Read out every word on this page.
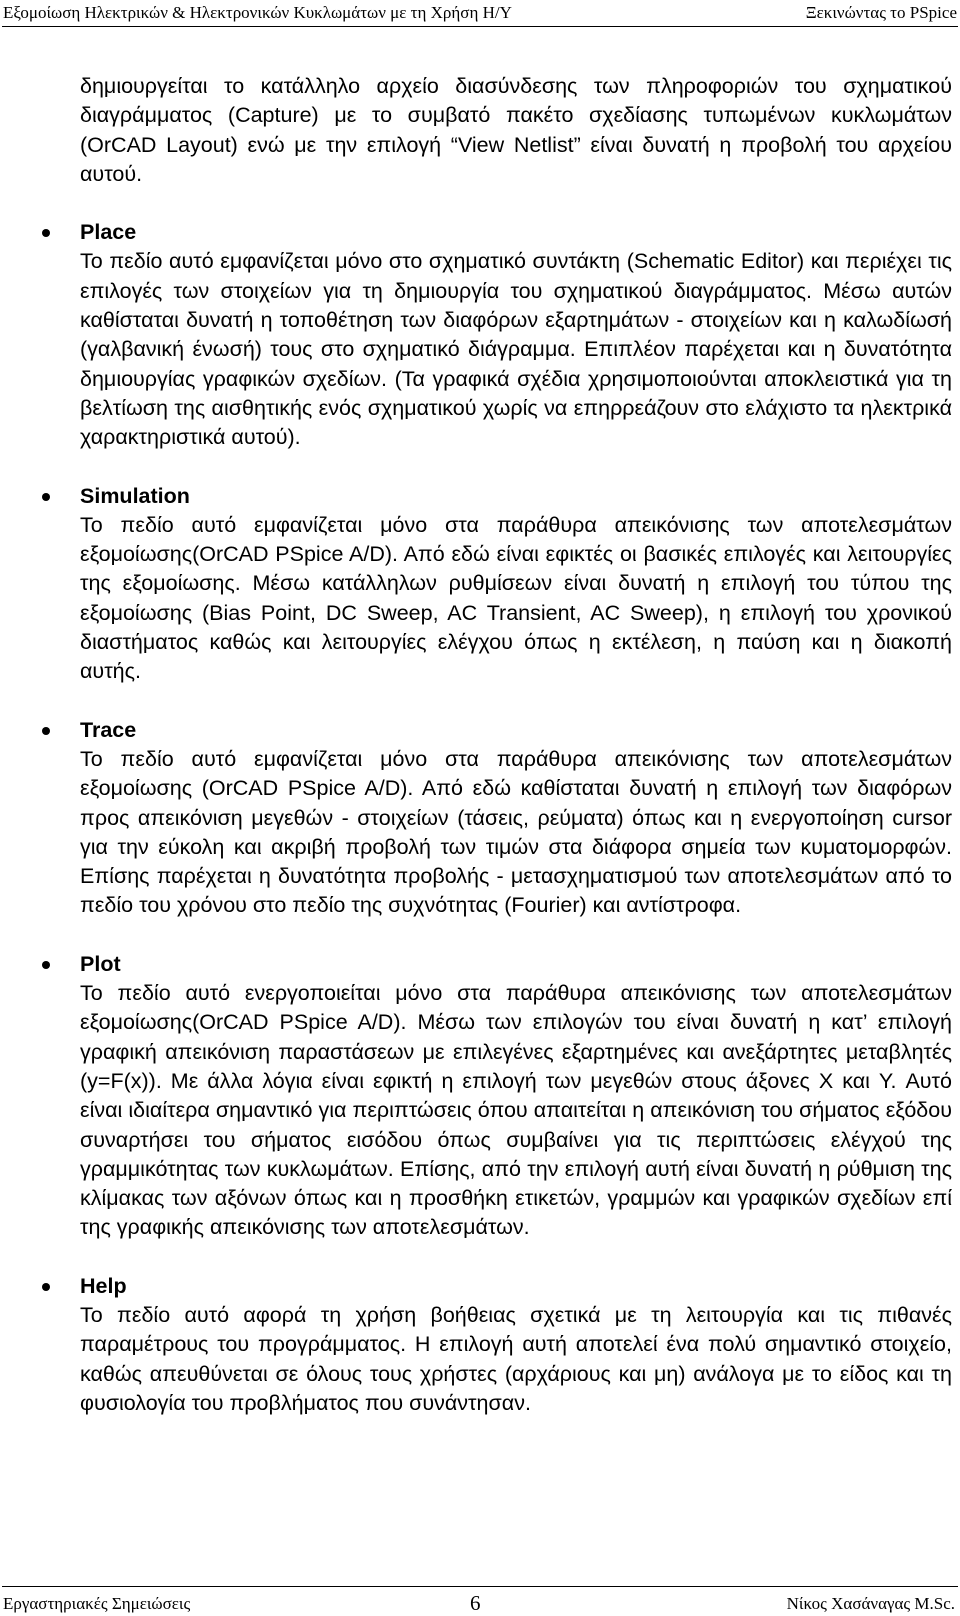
Εξομοίωση Ηλεκτρικών & Ηλεκτρονικών Κυκλωμάτων με τη Χρήση Η/Υ	Ξεκινώντας το PSpice

δημιουργείται το κατάλληλο αρχείο διασύνδεσης των πληροφοριών του σχηματικού διαγράμματος (Capture) με το συμβατό πακέτο σχεδίασης τυπωμένων κυκλωμάτων (OrCAD Layout) ενώ με την επιλογή “View Netlist” είναι δυνατή η προβολή του αρχείου αυτού.

Place
Το πεδίο αυτό εμφανίζεται μόνο στο σχηματικό συντάκτη (Schematic Editor) και περιέχει τις επιλογές των στοιχείων για τη δημιουργία του σχηματικού διαγράμματος. Μέσω αυτών καθίσταται δυνατή η τοποθέτηση των διαφόρων εξαρτημάτων - στοιχείων και η καλωδίωσή (γαλβανική ένωσή) τους στο σχηματικό διάγραμμα. Επιπλέον παρέχεται και η δυνατότητα δημιουργίας γραφικών σχεδίων. (Τα γραφικά σχέδια χρησιμοποιούνται αποκλειστικά για τη βελτίωση της αισθητικής ενός σχηματικού χωρίς να επηρρεάζουν στο ελάχιστο τα ηλεκτρικά χαρακτηριστικά αυτού).
Simulation
Το πεδίο αυτό εμφανίζεται μόνο στα παράθυρα απεικόνισης των αποτελεσμάτων εξομοίωσης(OrCAD PSpice A/D). Από εδώ είναι εφικτές οι βασικές επιλογές και λειτουργίες της εξομοίωσης. Μέσω κατάλληλων ρυθμίσεων είναι δυνατή η επιλογή του τύπου της εξομοίωσης (Bias Point, DC Sweep, AC Transient, AC Sweep), η επιλογή του χρονικού διαστήματος καθώς και λειτουργίες ελέγχου όπως η εκτέλεση, η παύση και η διακοπή αυτής.
Trace
Το πεδίο αυτό εμφανίζεται μόνο στα παράθυρα απεικόνισης των αποτελεσμάτων εξομοίωσης (OrCAD PSpice A/D). Από εδώ καθίσταται δυνατή η επιλογή των διαφόρων προς απεικόνιση μεγεθών - στοιχείων (τάσεις, ρεύματα) όπως και η ενεργοποίηση cursor για την εύκολη και ακριβή προβολή των τιμών στα διάφορα σημεία των κυματομορφών. Επίσης παρέχεται η δυνατότητα προβολής - μετασχηματισμού των αποτελεσμάτων από το πεδίο του χρόνου στο πεδίο της συχνότητας (Fourier) και αντίστροφα.
Plot
Το πεδίο αυτό ενεργοποιείται μόνο στα παράθυρα απεικόνισης των αποτελεσμάτων εξομοίωσης(OrCAD PSpice A/D). Μέσω των επιλογών του είναι δυνατή η κατ’ επιλογή γραφική απεικόνιση παραστάσεων με επιλεγένες εξαρτημένες και ανεξάρτητες μεταβλητές (y=F(x)). Με άλλα λόγια είναι εφικτή η επιλογή των μεγεθών στους άξονες X και Y. Αυτό είναι ιδιαίτερα σημαντικό για περιπτώσεις όπου απαιτείται η απεικόνιση του σήματος εξόδου συναρτήσει του σήματος εισόδου όπως συμβαίνει για τις περιπτώσεις ελέγχού της γραμμικότητας των κυκλωμάτων. Επίσης, από την επιλογή αυτή είναι δυνατή η ρύθμιση της κλίμακας των αξόνων όπως και η προσθήκη ετικετών, γραμμών και γραφικών σχεδίων επί της γραφικής απεικόνισης των αποτελεσμάτων.
Help
Το πεδίο αυτό αφορά τη χρήση βοήθειας σχετικά με τη λειτουργία και τις πιθανές παραμέτρους του προγράμματος. Η επιλογή αυτή αποτελεί ένα πολύ σημαντικό στοιχείο, καθώς απευθύνεται σε όλους τους χρήστες (αρχάριους και μη) ανάλογα με το είδος και τη φυσιολογία του προβλήματος που συνάντησαν.
Εργαστηριακές Σημειώσεις	6	Νίκος Χασάναγας M.Sc.
